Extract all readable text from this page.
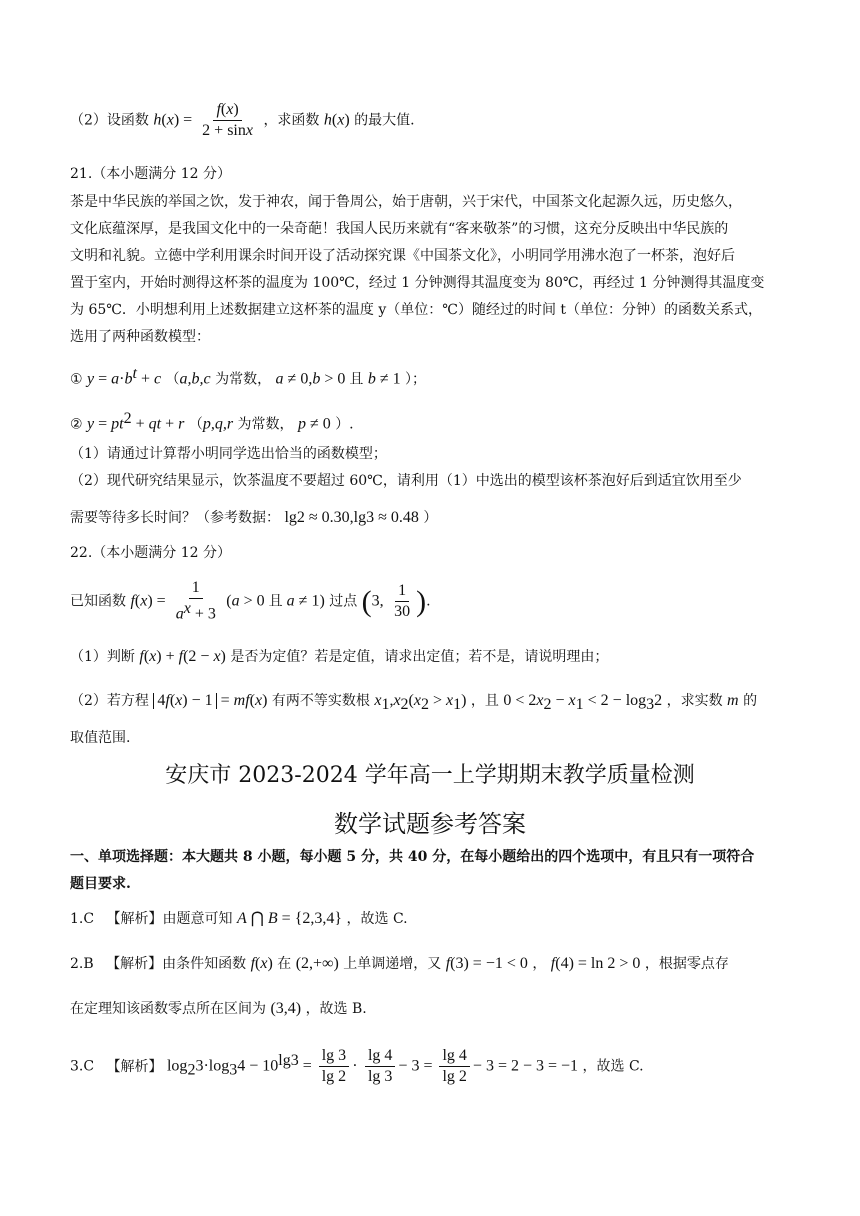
（2）设函数 $h(x) = \frac{f(x)}{2 + \sin x}$ ，求函数 h(x) 的最大值.
21.（本小题满分 12 分）
茶是中华民族的举国之饮，发于神农，闻于鲁周公，始于唐朝，兴于宋代，中国茶文化起源久远，历史悠久，
文化底蕴深厚，是我国文化中的一朵奇葩！我国人民历来就有“客来敬茶”的习惯，这充分反映出中华民族的
文明和礼貌。立德中学利用课余时间开设了活动探究课《中国茶文化》，小明同学用沸水泡了一杯茶，泡好后
置于室内，开始时测得这杯茶的温度为 100℃，经过 1 分钟测得其温度变为 80℃，再经过 1 分钟测得其温度变
为 65℃．小明想利用上述数据建立这杯茶的温度 y（单位：℃）随经过的时间 t（单位：分钟）的函数关系式，
选用了两种函数模型：
① $y = a\cdot b^t + c$ （a,b,c 为常数， a ≠ 0,b > 0 且 b ≠ 1 ）；
② $y = pt^2$ + qt + r （p,q,r 为常数， p ≠ 0 ）.
（1）请通过计算帮小明同学选出恰当的函数模型；
（2）现代研究结果显示，饮茶温度不要超过 60℃，请利用（1）中选出的模型该杯茶泡好后到适宜饮用至少
需要等待多长时间？（参考数据： lg2 ≈ 0.30,lg3 ≈ 0.48 ）
22.（本小题满分 12 分）
已知函数 $f(x) = \frac{1}{a^x + 3} (a > 0$ 且 a ≠ 1) 过点 (3, $\frac{1}{30}$ ).
（1）判断 f(x) + f(2 − x) 是否为定值？若是定值，请求出定值；若不是，请说明理由；
（2）若方程 4f(x) − 1 = mf(x) 有两不等实数根 $x_1,x_2(x_2 > x_1)$ ，且 $0 < 2x_2 - x_1 < 2 - \log_32$ ，求实数 m 的
取值范围.
安庆市 2023-2024 学年高一上学期期末教学质量检测
数学试题参考答案
一、单项选择题：本大题共 8 小题，每小题 5 分，共 40 分，在每小题给出的四个选项中，有且只有一项符合
题目要求.
1.C 【解析】由题意可知 A ⋂ B = {2,3,4} ，故选 C.
2.B 【解析】由条件知函数 f(x) 在 (2,+∞) 上单调递增，又 f(3) = −1 < 0 ， f(4) = ln 2 > 0 ，根据零点存
在定理知该函数零点所在区间为 (3,4) ，故选 B.
3.C 【解析】 $\log_23\cdot\log_34 - 10^{lg3} = \frac{\lg 3}{\lg 2} \cdot \frac{\lg 4}{\lg 3} - 3 = \frac{\lg 4}{\lg 2} - 3 = 2 - 3 = -1$ ，故选 C.
